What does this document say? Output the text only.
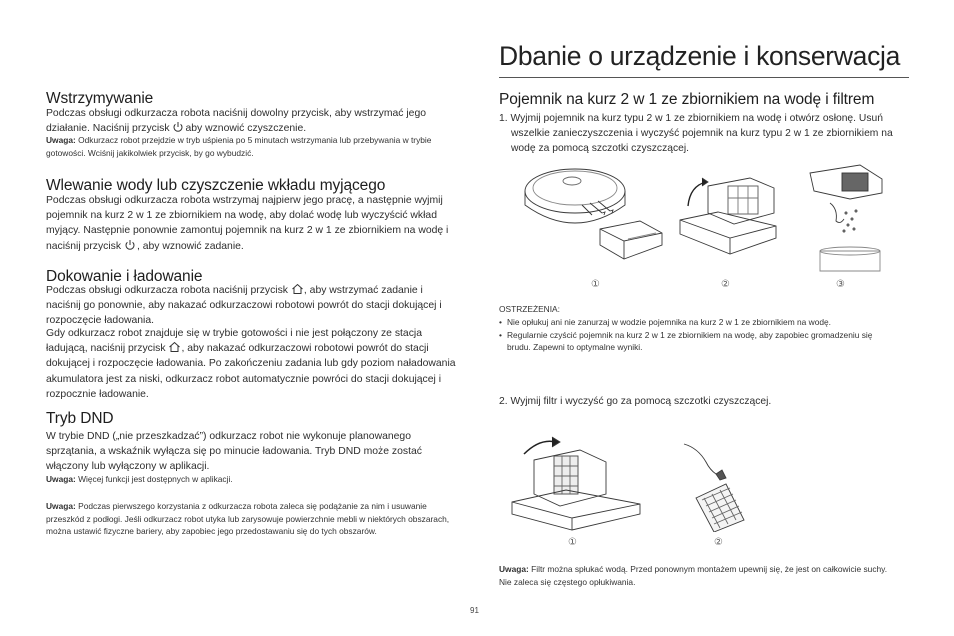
Wstrzymywanie
Podczas obsługi odkurzacza robota naciśnij dowolny przycisk, aby wstrzymać jego działanie. Naciśnij przycisk
aby wznowić czyszczenie.
Uwaga: Odkurzacz robot przejdzie w tryb uśpienia po 5 minutach wstrzymania lub przebywania w trybie gotowości. Wciśnij jakikolwiek przycisk, by go wybudzić.
Wlewanie wody lub czyszczenie wkładu myjącego
Podczas obsługi odkurzacza robota wstrzymaj najpierw jego pracę, a następnie wyjmij pojemnik na kurz 2 w 1 ze zbiornikiem na wodę, aby dolać wodę lub wyczyścić wkład myjący. Następnie ponownie zamontuj pojemnik na kurz 2 w 1 ze zbiornikiem na wodę i naciśnij przycisk
, aby wznowić zadanie.
Dokowanie i ładowanie
Podczas obsługi odkurzacza robota naciśnij przycisk
, aby wstrzymać zadanie i naciśnij go ponownie, aby nakazać odkurzaczowi robotowi powrót do stacji dokującej i rozpoczęcie ładowania.
Gdy odkurzacz robot znajduje się w trybie gotowości i nie jest połączony ze stacja ładującą, naciśnij przycisk
, aby nakazać odkurzaczowi robotowi powrót do stacji dokującej i rozpoczęcie ładowania. Po zakończeniu zadania lub gdy poziom naładowania akumulatora jest za niski, odkurzacz robot automatycznie powróci do stacji dokującej i rozpocznie ładowanie.
Tryb DND
W trybie DND („nie przeszkadzać”) odkurzacz robot nie wykonuje planowanego sprzątania, a wskaźnik wyłącza się po minucie ładowania. Tryb DND może zostać włączony lub wyłączony w aplikacji.
Uwaga: Więcej funkcji jest dostępnych w aplikacji.
Uwaga: Podczas pierwszego korzystania z odkurzacza robota zaleca się podążanie za nim i usuwanie przeszkód z podłogi. Jeśli odkurzacz robot utyka lub zarysowuje powierzchnie mebli w niektórych obszarach, można ustawić fizyczne bariery, aby zapobiec jego przedostawaniu się do tych obszarów.
Dbanie o urządzenie i konserwacja
Pojemnik na kurz 2 w 1 ze zbiornikiem na wodę i filtrem
1. Wyjmij pojemnik na kurz typu 2 w 1 ze zbiornikiem na wodę i otwórz osłonę. Usuń wszelkie zanieczyszczenia i wyczyść pojemnik na kurz typu 2 w 1 ze zbiornikiem na wodę za pomocą szczotki czyszczącej.
①	②	③
OSTRZEŻENIA:
• Nie opłukuj ani nie zanurzaj w wodzie pojemnika na kurz 2 w 1 ze zbiornikiem na wodę.
• Regularnie czyścić pojemnik na kurz 2 w 1 ze zbiornikiem na wodę, aby zapobiec gromadzeniu się brudu. Zapewni to optymalne wyniki.
2. Wyjmij filtr i wyczyść go za pomocą szczotki czyszczącej.
①	②
Uwaga: Filtr można spłukać wodą. Przed ponownym montażem upewnij się, że jest on całkowicie suchy. Nie zaleca się częstego opłukiwania.
91
